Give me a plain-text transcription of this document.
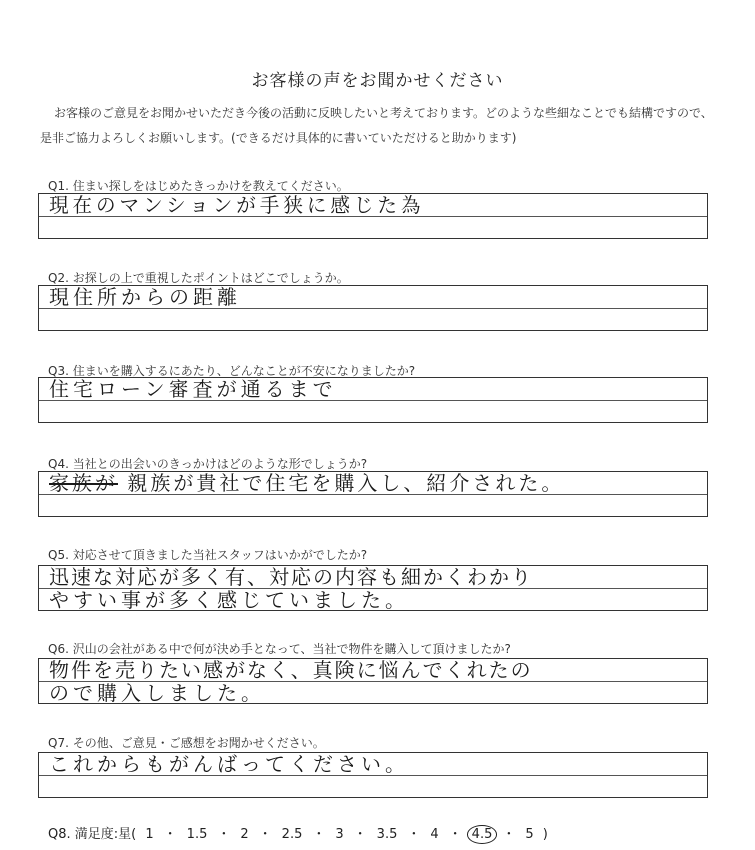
お客様の声をお聞かせください
お客様のご意見をお聞かせいただき今後の活動に反映したいと考えております。どのような些細なことでも結構ですので、是非ご協力よろしくお願いします。(できるだけ具体的に書いていただけると助かります)
Q1. 住まい探しをはじめたきっかけを教えてください。
現在のマンションが手狭に感じた為
Q2. お探しの上で重視したポイントはどこでしょうか。
現住所からの距離
Q3. 住まいを購入するにあたり、どんなことが不安になりましたか?
住宅ローン審査が通るまで
Q4. 当社との出会いのきっかけはどのような形でしょうか?
家族が 親族が貴社で住宅を購入し、紹介された。
Q5. 対応させて頂きました当社スタッフはいかがでしたか?
迅速な対応が多く有、対応の内容も細かくわかり
やすい事が多く感じていました。
Q6. 沢山の会社がある中で何が決め手となって、当社で物件を購入して頂けましたか?
物件を売りたい感がなく、真険に悩んでくれたの
ので購入しました。
Q7. その他、ご意見・ご感想をお聞かせください。
これからもがんばってください。
Q8. 満足度:星( 1 ・ 1.5 ・ 2 ・ 2.5 ・ 3 ・ 3.5 ・ 4 ・ 4.5 ・ 5 )
